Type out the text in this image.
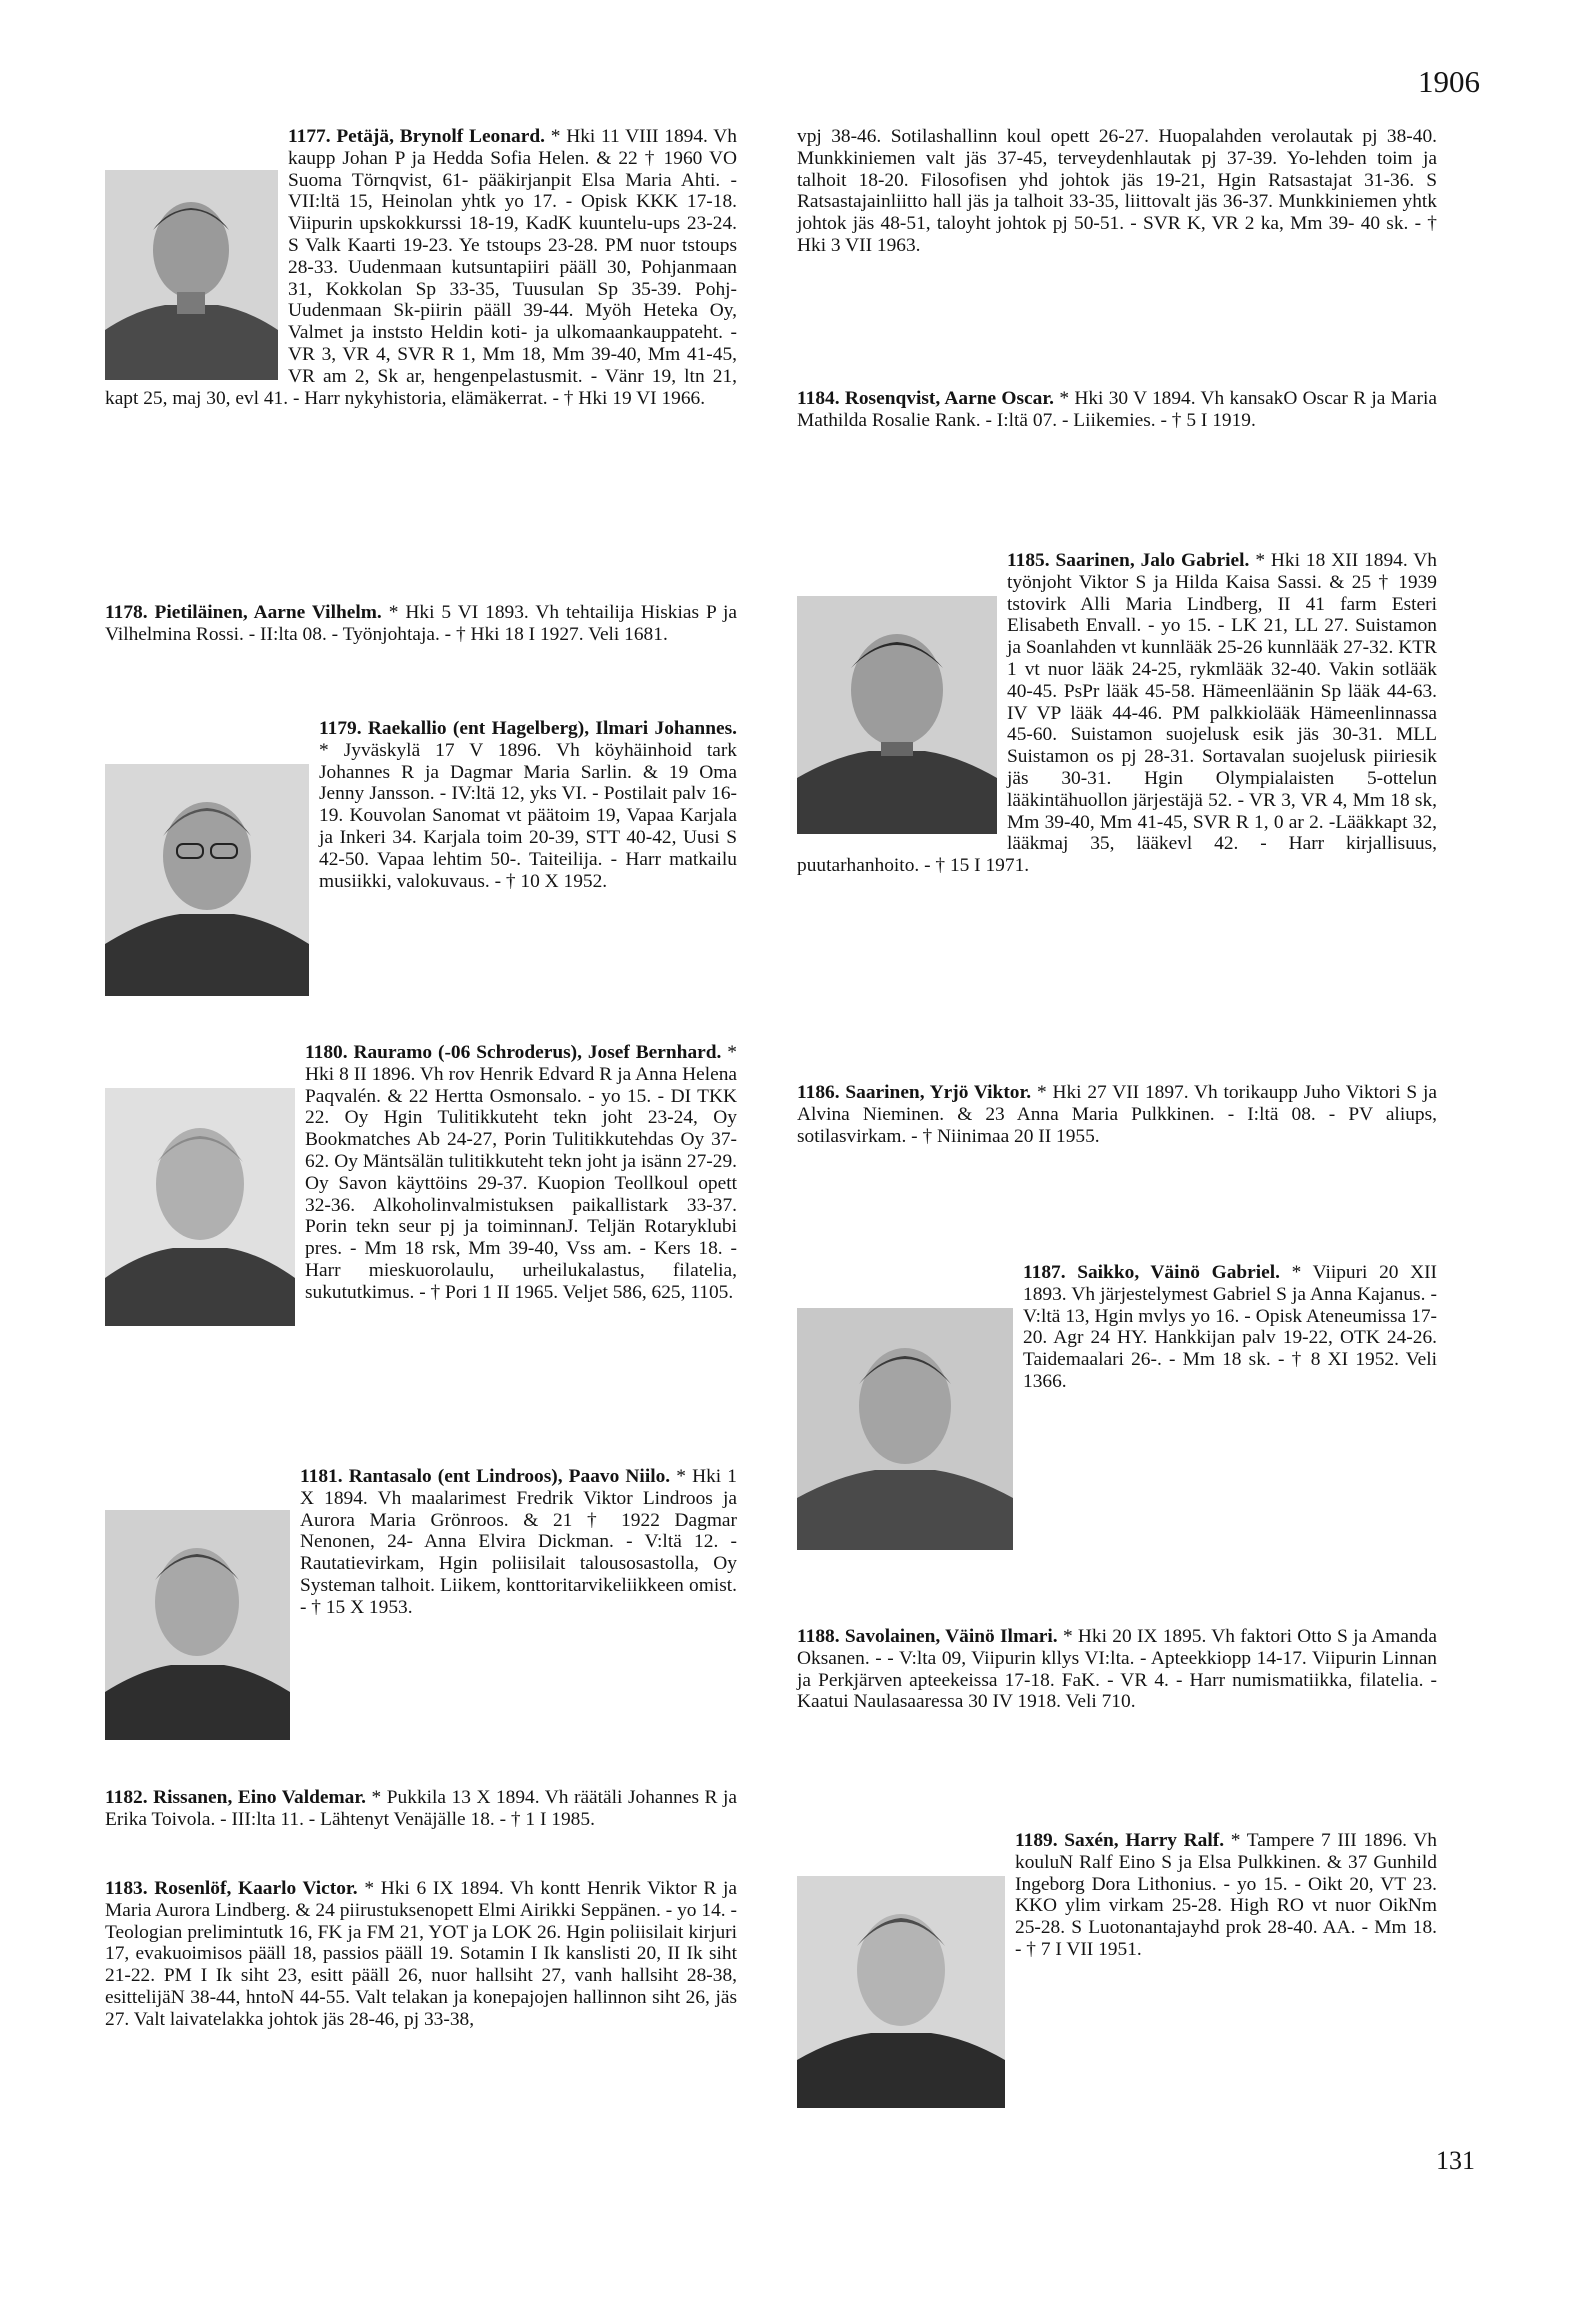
1906

1177. Petäjä, Brynolf Leonard. * Hki 11 VIII 1894. Vh kaupp Johan P ja Hedda Sofia Helen. & 22 † 1960 VO Suoma Törnqvist, 61- pääkirjanpit Elsa Maria Ahti. - VII:ltä 15, Heinolan yhtk yo 17. - Opisk KKK 17-18. Viipurin upskokkurssi 18-19, KadK kuuntelu-ups 23-24. S Valk Kaarti 19-23. Ye tstoups 23-28. PM nuor tstoups 28-33. Uudenmaan kutsuntapiiri pääll 30, Pohjanmaan 31, Kokkolan Sp 33-35, Tuusulan Sp 35-39. Pohj-Uudenmaan Sk-piirin pääll 39-44. Myöh Heteka Oy, Valmet ja inststo Heldin koti- ja ulkomaankauppateht. - VR 3, VR 4, SVR R 1, Mm 18, Mm 39-40, Mm 41-45, VR am 2, Sk ar, hengenpelastusmit. - Vänr 19, ltn 21, kapt 25, maj 30, evl 41. - Harr nykyhistoria, elämäkerrat. - † Hki 19 VI 1966.

1178. Pietiläinen, Aarne Vilhelm. * Hki 5 VI 1893. Vh tehtailija Hiskias P ja Vilhelmina Rossi. - II:lta 08. - Työnjohtaja. - † Hki 18 I 1927. Veli 1681.

1179. Raekallio (ent Hagelberg), Ilmari Johannes. * Jyväskylä 17 V 1896. Vh köyhäinhoid tark Johannes R ja Dagmar Maria Sarlin. & 19 Oma Jenny Jansson. - IV:ltä 12, yks VI. - Postilait palv 16-19. Kouvolan Sanomat vt päätoim 19, Vapaa Karjala ja Inkeri 34. Karjala toim 20-39, STT 40-42, Uusi S 42-50. Vapaa lehtim 50-. Taiteilija. - Harr matkailu musiikki, valokuvaus. - † 10 X 1952.

1180. Rauramo (-06 Schroderus), Josef Bernhard. * Hki 8 II 1896. Vh rov Henrik Edvard R ja Anna Helena Paqvalén. & 22 Hertta Osmonsalo. - yo 15. - DI TKK 22. Oy Hgin Tulitikkuteht tekn joht 23-24, Oy Bookmatches Ab 24-27, Porin Tulitikkutehdas Oy 37-62. Oy Mäntsälän tulitikkuteht tekn joht ja isänn 27-29. Oy Savon käyttöins 29-37. Kuopion Teollkoul opett 32-36. Alkoholinvalmistuksen paikallistark 33-37. Porin tekn seur pj ja toiminnanJ. Teljän Rotaryklubi pres. - Mm 18 rsk, Mm 39-40, Vss am. - Kers 18. - Harr mieskuorolaulu, urheilukalastus, filatelia, sukututkimus. - † Pori 1 II 1965. Veljet 586, 625, 1105.

1181. Rantasalo (ent Lindroos), Paavo Niilo. * Hki 1 X 1894. Vh maalarimest Fredrik Viktor Lindroos ja Aurora Maria Grönroos. & 21 † 1922 Dagmar Nenonen, 24- Anna Elvira Dickman. - V:ltä 12. - Rautatievirkam, Hgin poliisilait talousosastolla, Oy Systeman talhoit. Liikem, konttoritarvikeliikkeen omist. - † 15 X 1953.

1182. Rissanen, Eino Valdemar. * Pukkila 13 X 1894. Vh räätäli Johannes R ja Erika Toivola. - III:lta 11. - Lähtenyt Venäjälle 18. - † 1 I 1985.

1183. Rosenlöf, Kaarlo Victor. * Hki 6 IX 1894. Vh kontt Henrik Viktor R ja Maria Aurora Lindberg. & 24 piirustuksenopett Elmi Airikki Seppänen. - yo 14. - Teologian prelimintutk 16, FK ja FM 21, YOT ja LOK 26. Hgin poliisilait kirjuri 17, evakuoimisos pääll 18, passios pääll 19. Sotamin I Ik kanslisti 20, II Ik siht 21-22. PM I Ik siht 23, esitt pääll 26, nuor hallsiht 27, vanh hallsiht 28-38, esittelijäN 38-44, hntoN 44-55. Valt telakan ja konepajojen hallinnon siht 26, jäs 27. Valt laivatelakka johtok jäs 28-46, pj 33-38,

vpj 38-46. Sotilashallinn koul opett 26-27. Huopalahden verolautak pj 38-40. Munkkiniemen valt jäs 37-45, terveydenhlautak pj 37-39. Yo-lehden toim ja talhoit 18-20. Filosofisen yhd johtok jäs 19-21, Hgin Ratsastajat 31-36. S Ratsastajainliitto hall jäs ja talhoit 33-35, liittovalt jäs 36-37. Munkkiniemen yhtk johtok jäs 48-51, taloyht johtok pj 50-51. - SVR K, VR 2 ka, Mm 39- 40 sk. - † Hki 3 VII 1963.

1184. Rosenqvist, Aarne Oscar. * Hki 30 V 1894. Vh kansakO Oscar R ja Maria Mathilda Rosalie Rank. - I:ltä 07. - Liikemies. - † 5 I 1919.

1185. Saarinen, Jalo Gabriel. * Hki 18 XII 1894. Vh työnjoht Viktor S ja Hilda Kaisa Sassi. & 25 † 1939 tstovirk Alli Maria Lindberg, II 41 farm Esteri Elisabeth Envall. - yo 15. - LK 21, LL 27. Suistamon ja Soanlahden vt kunnlääk 25-26 kunnlääk 27-32. KTR 1 vt nuor lääk 24-25, rykmlääk 32-40. Vakin sotlääk 40-45. PsPr lääk 45-58. Hämeenläänin Sp lääk 44-63. IV VP lääk 44-46. PM palkkiolääk Hämeenlinnassa 45-60. Suistamon suojelusk esik jäs 30-31. MLL Suistamon os pj 28-31. Sortavalan suojelusk piiriesik jäs 30-31. Hgin Olympialaisten 5-ottelun lääkintähuollon järjestäjä 52. - VR 3, VR 4, Mm 18 sk, Mm 39-40, Mm 41-45, SVR R 1, 0 ar 2. -Lääkkapt 32, lääkmaj 35, lääkevl 42. - Harr kirjallisuus, puutarhanhoito. - † 15 I 1971.

1186. Saarinen, Yrjö Viktor. * Hki 27 VII 1897. Vh torikaupp Juho Viktori S ja Alvina Nieminen. & 23 Anna Maria Pulkkinen. - I:ltä 08. - PV aliups, sotilasvirkam. - † Niinimaa 20 II 1955.

1187. Saikko, Väinö Gabriel. * Viipuri 20 XII 1893. Vh järjestelymest Gabriel S ja Anna Kajanus. - V:ltä 13, Hgin mvlys yo 16. - Opisk Ateneumissa 17-20. Agr 24 HY. Hankkijan palv 19-22, OTK 24-26. Taidemaalari 26-. - Mm 18 sk. - † 8 XI 1952. Veli 1366.

1188. Savolainen, Väinö Ilmari. * Hki 20 IX 1895. Vh faktori Otto S ja Amanda Oksanen. - - V:lta 09, Viipurin kllys VI:lta. - Apteekkiopp 14-17. Viipurin Linnan ja Perkjärven apteekeissa 17-18. FaK. - VR 4. - Harr numismatiikka, filatelia. - Kaatui Naulasaaressa 30 IV 1918. Veli 710.

1189. Saxén, Harry Ralf. * Tampere 7 III 1896. Vh kouluN Ralf Eino S ja Elsa Pulkkinen. & 37 Gunhild Ingeborg Dora Lithonius. - yo 15. - Oikt 20, VT 23. KKO ylim virkam 25-28. High RO vt nuor OikNm 25-28. S Luotonantajayhd prok 28-40. AA. - Mm 18. - † 7 I VII 1951.

131
